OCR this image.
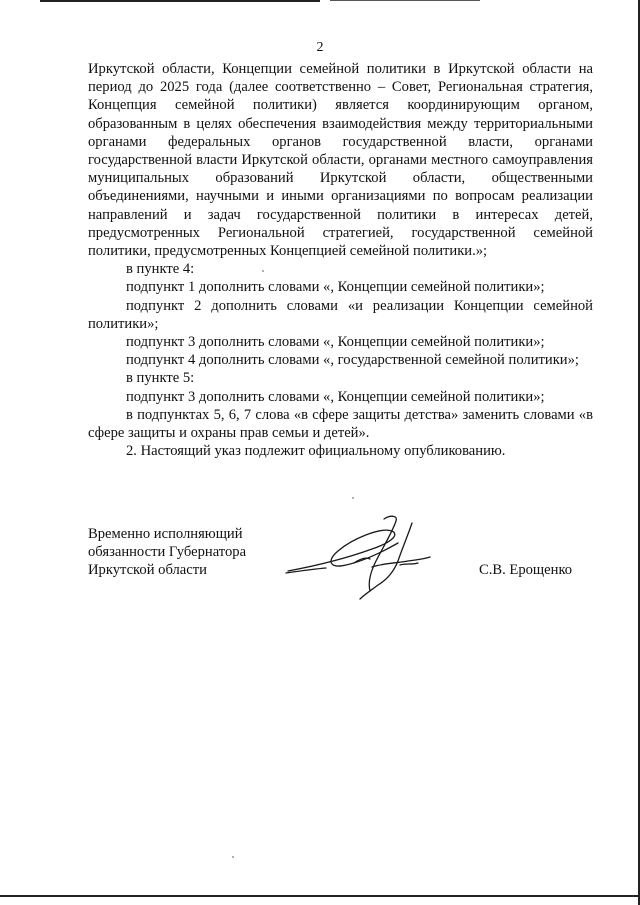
2

Иркутской области, Концепции семейной политики в Иркутской области на период до 2025 года (далее соответственно – Совет, Региональная стратегия, Концепция семейной политики) является координирующим органом, образованным в целях обеспечения взаимодействия между территориальными органами федеральных органов государственной власти, органами государственной власти Иркутской области, органами местного самоуправления муниципальных образований Иркутской области, общественными объединениями, научными и иными организациями по вопросам реализации направлений и задач государственной политики в интересах детей, предусмотренных Региональной стратегией, государственной семейной политики, предусмотренных Концепцией семейной политики.»;

в пункте 4:

подпункт 1 дополнить словами «, Концепции семейной политики»;

подпункт 2 дополнить словами «и реализации Концепции семейной политики»;

подпункт 3 дополнить словами «, Концепции семейной политики»;

подпункт 4 дополнить словами «, государственной семейной политики»;

в пункте 5:

подпункт 3 дополнить словами «, Концепции семейной политики»;

в подпунктах 5, 6, 7 слова «в сфере защиты детства» заменить словами «в сфере защиты и охраны прав семьи и детей».

2. Настоящий указ подлежит официальному опубликованию.

Временно исполняющий
обязанности Губернатора
Иркутской области	С.В. Ерощенко
